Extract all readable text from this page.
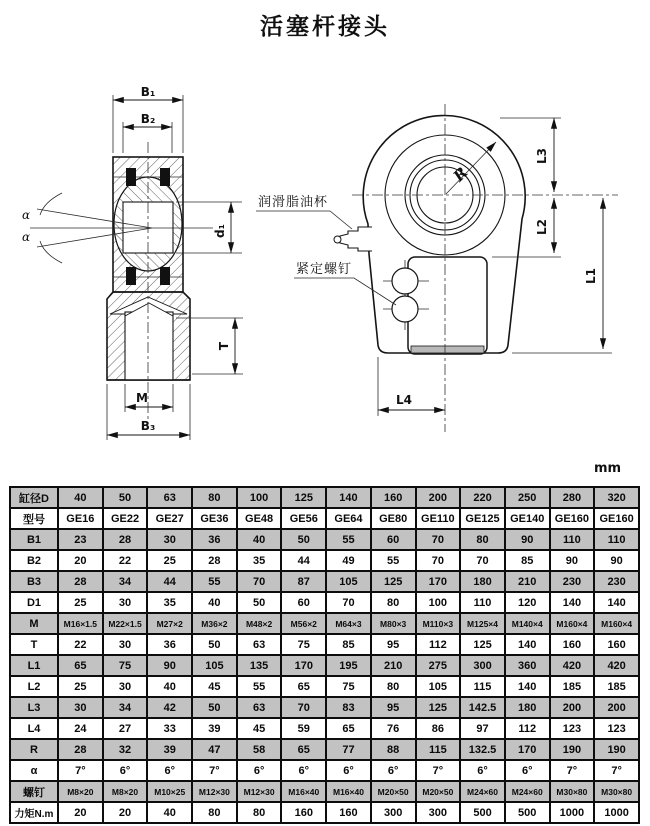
活塞杆接头
B₁
B₂
d₁
α
α
T
M
B₃
R
L3
L2
L1
L4
润滑脂油杯
紧定螺钉
mm
缸径D	40	50	63	80	100	125	140	160	200	220	250	280	320
型号	GE16	GE22	GE27	GE36	GE48	GE56	GE64	GE80	GE110	GE125	GE140	GE160	GE160
B1	23	28	30	36	40	50	55	60	70	80	90	110	110
B2	20	22	25	28	35	44	49	55	70	70	85	90	90
B3	28	34	44	55	70	87	105	125	170	180	210	230	230
D1	25	30	35	40	50	60	70	80	100	110	120	140	140
M	M16×1.5	M22×1.5	M27×2	M36×2	M48×2	M56×2	M64×3	M80×3	M110×3	M125×4	M140×4	M160×4	M160×4
T	22	30	36	50	63	75	85	95	112	125	140	160	160
L1	65	75	90	105	135	170	195	210	275	300	360	420	420
L2	25	30	40	45	55	65	75	80	105	115	140	185	185
L3	30	34	42	50	63	70	83	95	125	142.5	180	200	200
L4	24	27	33	39	45	59	65	76	86	97	112	123	123
R	28	32	39	47	58	65	77	88	115	132.5	170	190	190
α	7°	6°	6°	7°	6°	6°	6°	6°	7°	6°	6°	7°	7°
螺钉	M8×20	M8×20	M10×25	M12×30	M12×30	M16×40	M16×40	M20×50	M20×50	M24×60	M24×60	M30×80	M30×80
力矩N.m	20	20	40	80	80	160	160	300	300	500	500	1000	1000
